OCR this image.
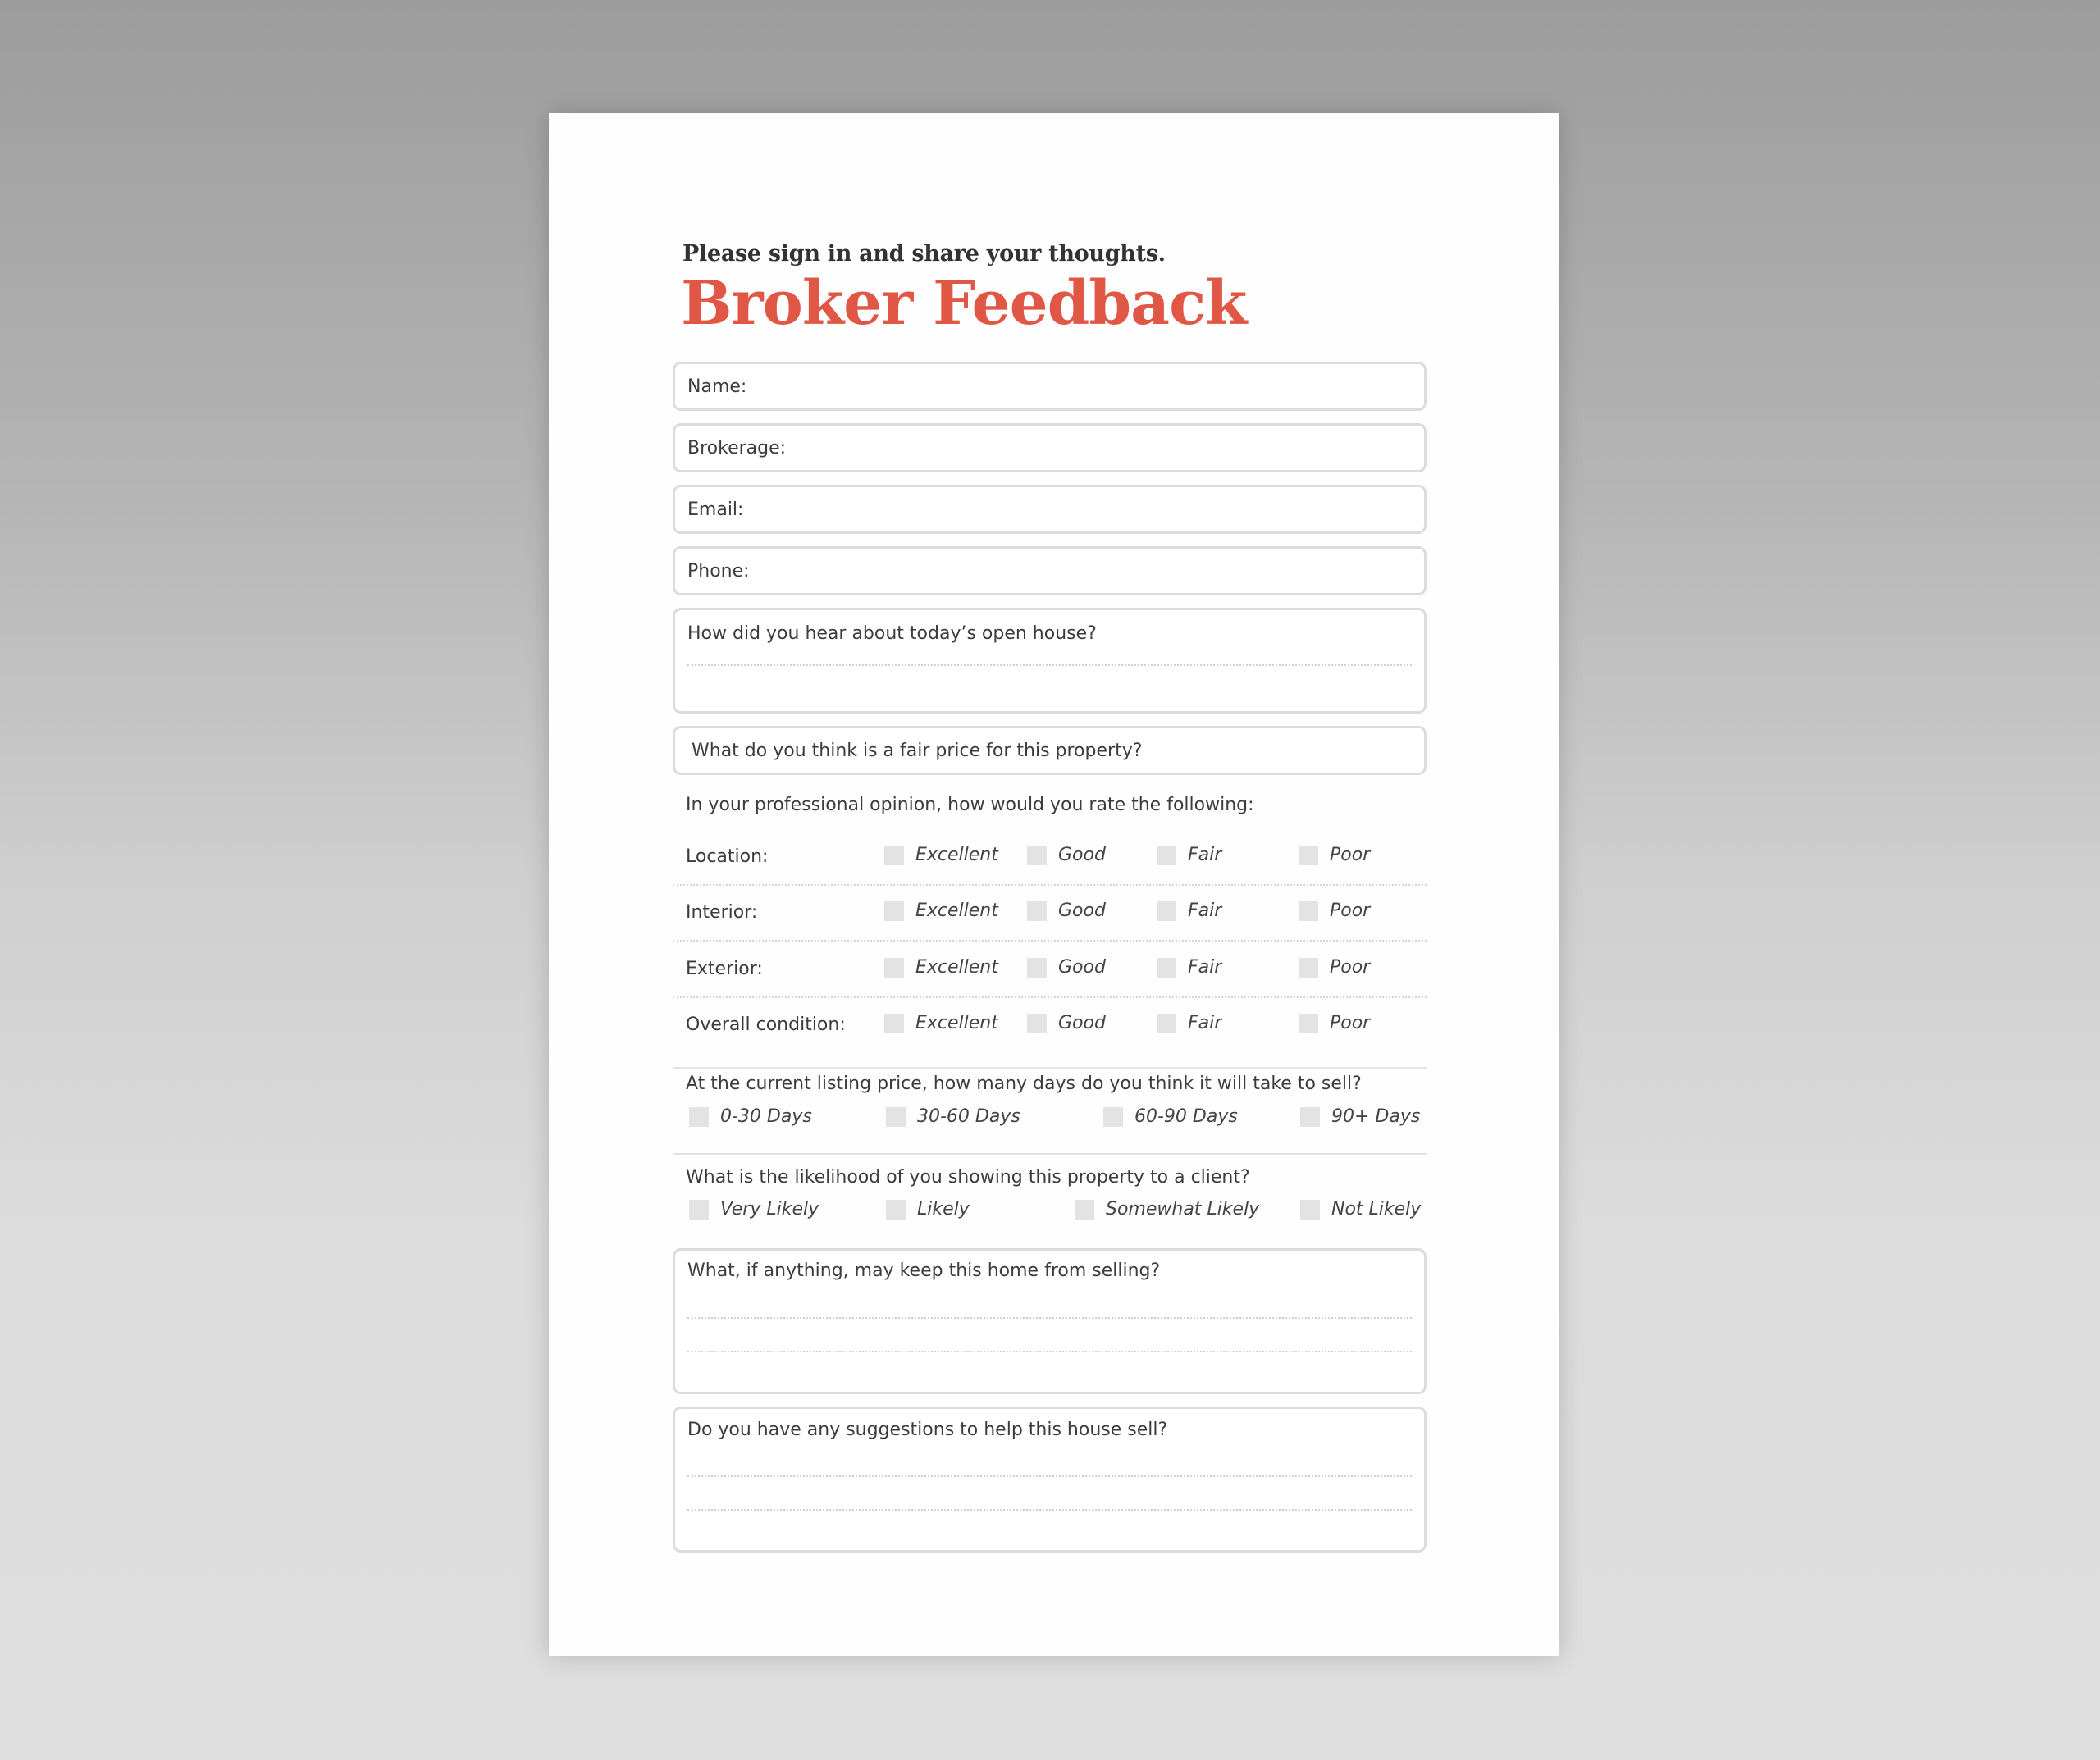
Please sign in and share your thoughts.
Broker Feedback
Name:
Brokerage:
Email:
Phone:
How did you hear about today’s open house?
What do you think is a fair price for this property?
In your professional opinion, how would you rate the following:
Location:	Excellent	Good	Fair	Poor
Interior:	Excellent	Good	Fair	Poor
Exterior:	Excellent	Good	Fair	Poor
Overall condition:	Excellent	Good	Fair	Poor
At the current listing price, how many days do you think it will take to sell?
0-30 Days	30-60 Days	60-90 Days	90+ Days
What is the likelihood of you showing this property to a client?
Very Likely	Likely	Somewhat Likely	Not Likely
What, if anything, may keep this home from selling?
Do you have any suggestions to help this house sell?
